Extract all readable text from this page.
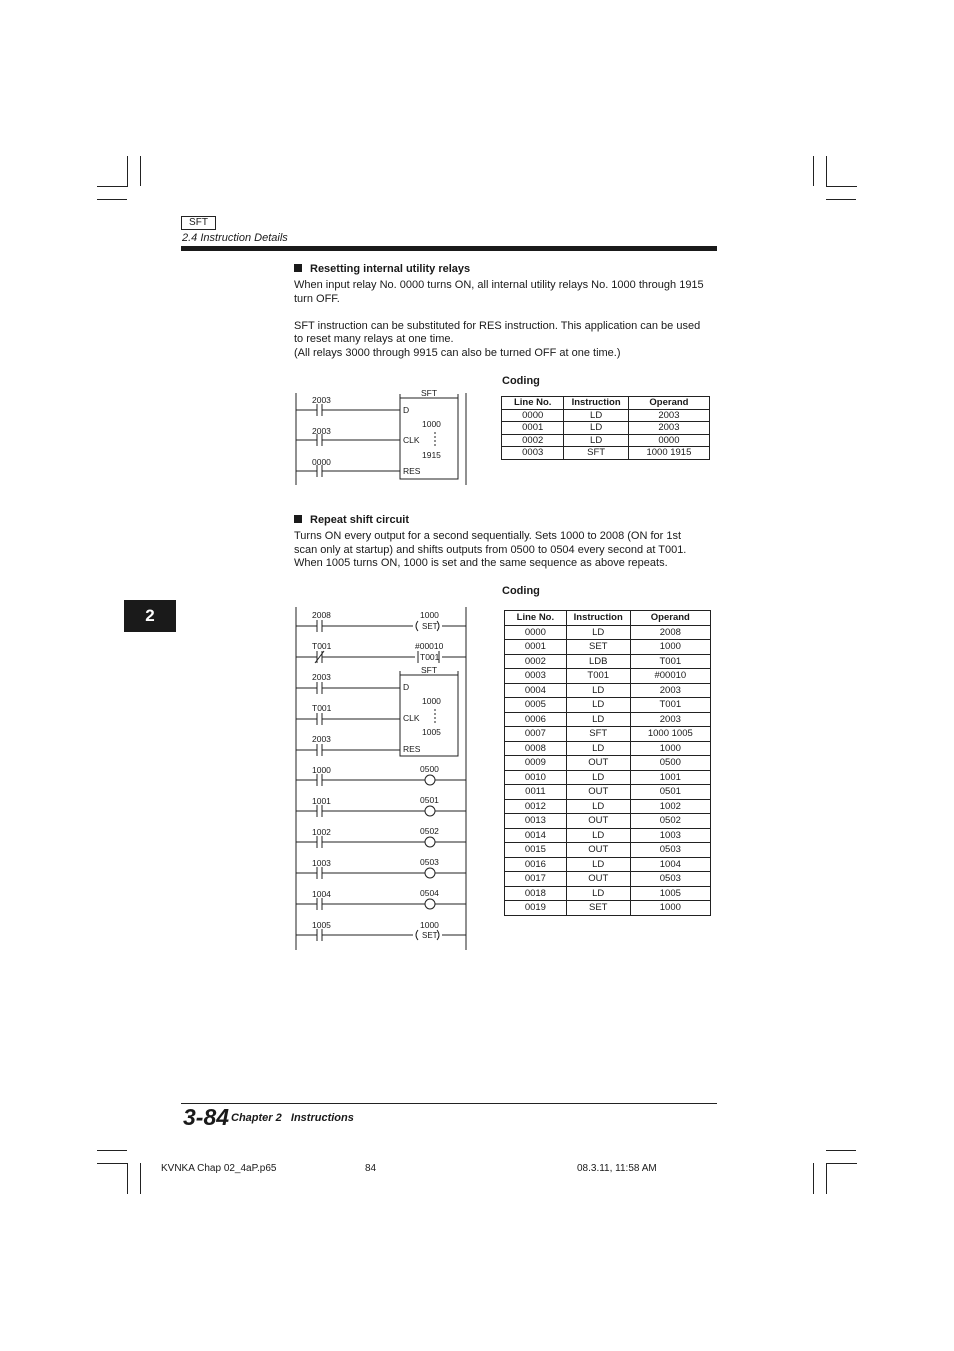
SFT
2.4 Instruction Details
Resetting internal utility relays
When input relay No. 0000 turns ON, all internal utility relays No. 1000 through 1915
turn OFF.
SFT instruction can be substituted for RES instruction. This application can be used
to reset many relays at one time.
(All relays 3000 through 9915 can also be turned OFF at one time.)
Coding
Line No.	Instruction	Operand
0000	LD	2003
0001	LD	2003
0002	LD	0000
0003	SFT	1000 1915
2003
2003
0000
SFT
D
CLK
RES
1000
1915
Repeat shift circuit
Turns ON every output for a second sequentially. Sets 1000 to 2008 (ON for 1st
scan only at startup) and shifts outputs from 0500 to 0504 every second at T001.
When 1005 turns ON, 1000 is set and the same sequence as above repeats.
Coding
Line No.	Instruction	Operand
0000	LD	2008
0001	SET	1000
0002	LDB	T001
0003	T001	#00010
0004	LD	2003
0005	LD	T001
0006	LD	2003
0007	SFT	1000 1005
0008	LD	1000
0009	OUT	0500
0010	LD	1001
0011	OUT	0501
0012	LD	1002
0013	OUT	0502
0014	LD	1003
0015	OUT	0503
0016	LD	1004
0017	OUT	0503
0018	LD	1005
0019	SET	1000
2008	1000
SET
T001	#00010
T001
SFT
D
CLK
RES
1000
1005
2003
T001
2003
1000	0500
1001	0501
1002	0502
1003	0503
1004	0504
1005	1000
SET
2
3-84 Chapter 2   Instructions
KVNKA Chap 02_4aP.p65	84	08.3.11, 11:58 AM
